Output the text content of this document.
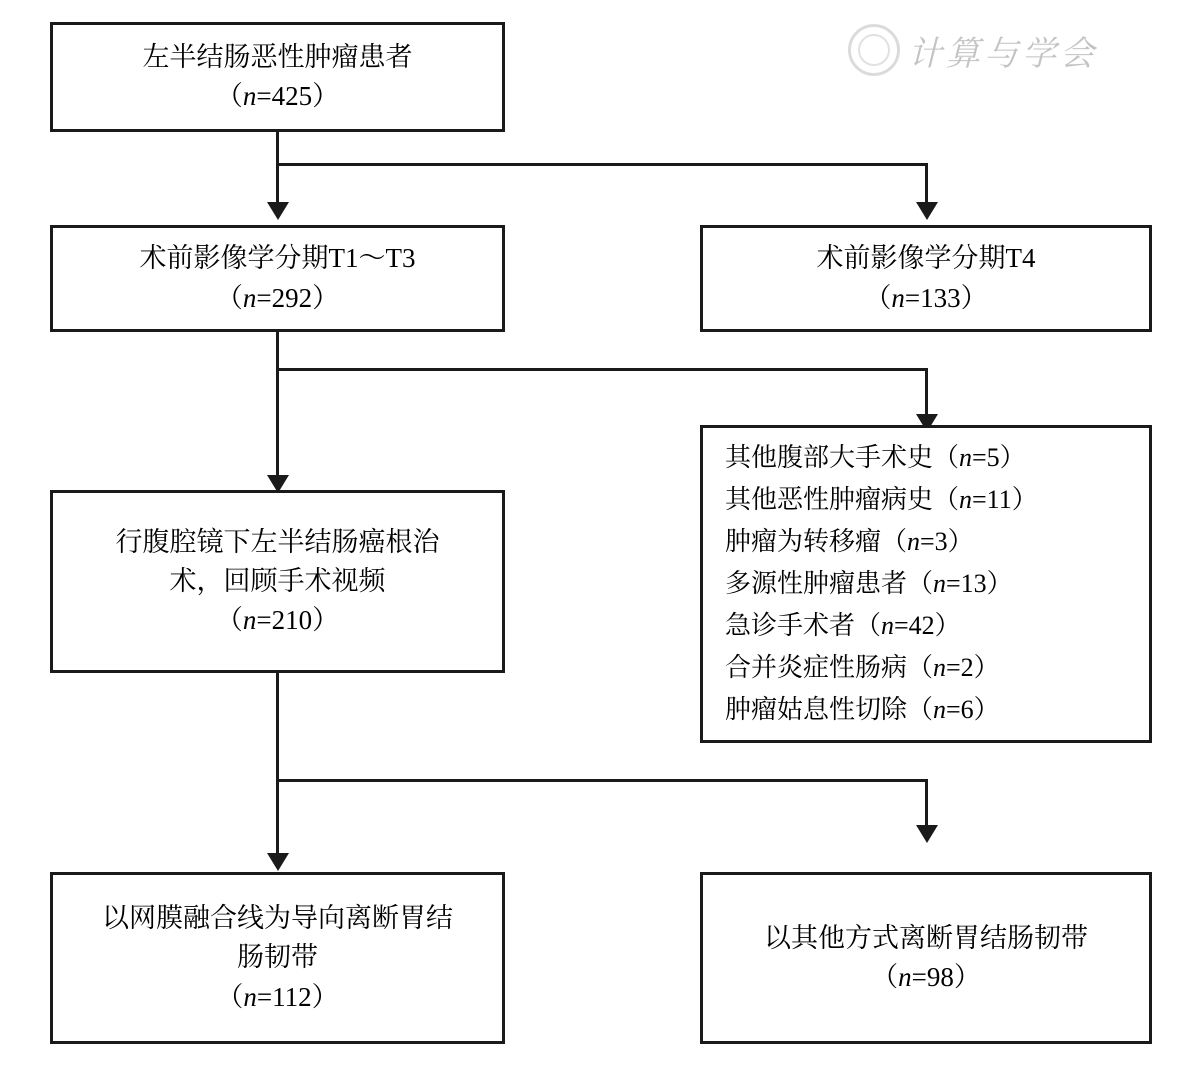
计算与学会
左半结肠恶性肿瘤患者
（n=425）
术前影像学分期T1～T3
（n=292）
术前影像学分期T4
（n=133）
行腹腔镜下左半结肠癌根治
术，回顾手术视频
（n=210）
其他腹部大手术史（n=5）
其他恶性肿瘤病史（n=11）
肿瘤为转移瘤（n=3）
多源性肿瘤患者（n=13）
急诊手术者（n=42）
合并炎症性肠病（n=2）
肿瘤姑息性切除（n=6）
以网膜融合线为导向离断胃结
肠韧带
（n=112）
以其他方式离断胃结肠韧带
（n=98）
